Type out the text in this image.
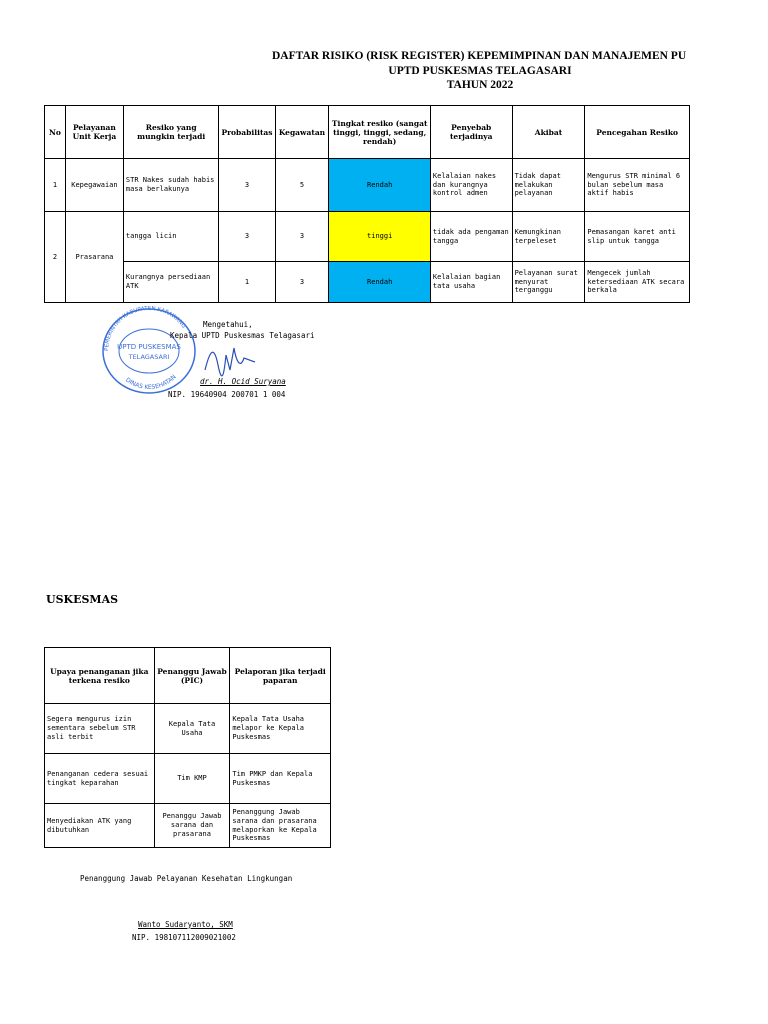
DAFTAR RISIKO (RISK REGISTER) KEPEMIMPINAN DAN MANAJEMEN PU
UPTD PUSKESMAS TELAGASARI
TAHUN 2022
No	Pelayanan Unit Kerja	Resiko yang mungkin terjadi	Probabilitas	Kegawatan	Tingkat resiko (sangat tinggi, tinggi, sedang, rendah)	Penyebab terjadinya	Akibat	Pencegahan Resiko
1	Kepegawaian	STR Nakes sudah habis masa berlakunya	3	5	Rendah	Kelalaian nakes dan kurangnya kontrol admen	Tidak dapat melakukan pelayanan	Mengurus STR minimal 6 bulan sebelum masa aktif habis
2	Prasarana	tangga licin	3	3	tinggi	tidak ada pengaman tangga	Kemungkinan terpeleset	Pemasangan karet anti slip untuk tangga
		Kurangnya persediaan ATK	1	3	Rendah	Kelalaian bagian tata usaha	Pelayanan surat menyurat terganggu	Mengecek jumlah ketersediaan ATK secara berkala
PEMERINTAH KABUPATEN KARAWANG
DINAS KESEHATAN
UPTD PUSKESMAS
TELAGASARI
Mengetahui,
Kepala UPTD Puskesmas Telagasari
dr. H. Ocid Suryana
NIP. 19640904 200701 1 004
USKESMAS
Upaya penanganan jika terkena resiko	Penanggu Jawab (PIC)	Pelaporan jika terjadi paparan
Segera mengurus izin sementara sebelum STR asli terbit	Kepala Tata Usaha	Kepala Tata Usaha melapor ke Kepala Puskesmas
Penanganan cedera sesuai tingkat keparahan	Tim KMP	Tim PMKP dan Kepala Puskesmas
Menyediakan ATK yang dibutuhkan	Penanggu Jawab sarana dan prasarana	Penanggung Jawab sarana dan prasarana melaporkan ke Kepala Puskesmas
Penanggung Jawab Pelayanan Kesehatan Lingkungan
Wanto Sudaryanto, SKM
NIP. 198107112009021002
